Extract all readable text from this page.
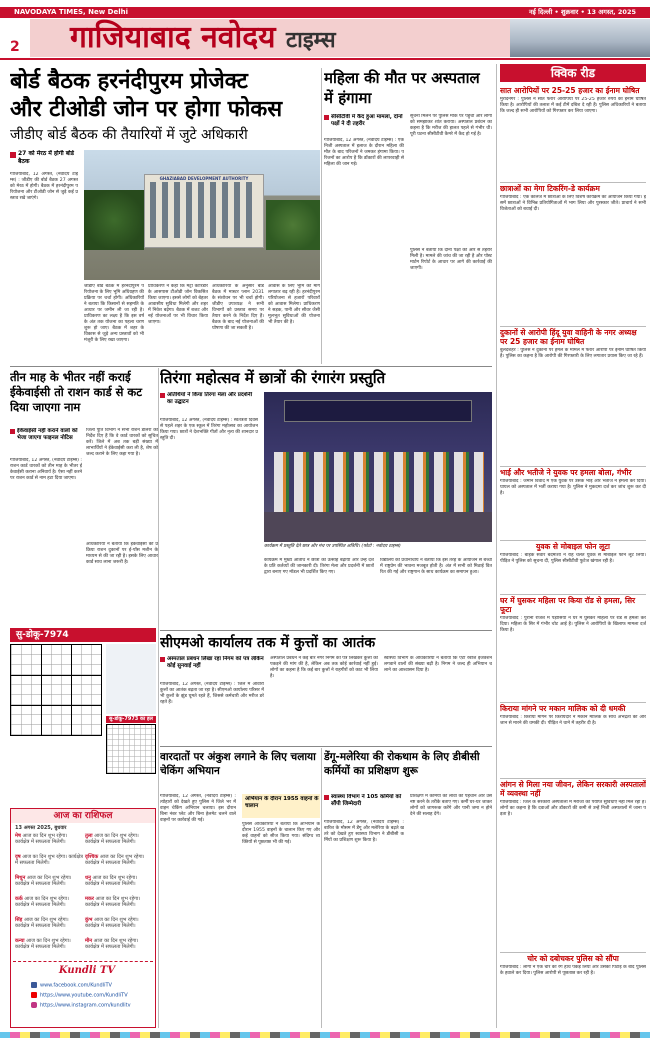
NAVODAYA TIMES, New Delhi	नई दिल्ली • शुक्रवार • 13 अगस्त, 2025
2 गाजियाबाद नवोदय टाइम्स
बोर्ड बैठक हरनंदीपुरम प्रोजेक्ट
और टीओडी जोन पर होगा फोकस
जीडीए बोर्ड बैठक की तैयारियों में जुटे अधिकारी
27 को मेरठ में होगी बोर्ड बैठक
गाजियाबाद, 12 अगस्त, (नवोदय टाइम्स) : जीडीए की बोर्ड बैठक 27 अगस्त को मेरठ में होगी। बैठक में हरनंदीपुरम परियोजना और टीओडी जोन से जुड़े कई प्रस्ताव रखे जाएंगे।
GHAZIABAD DEVELOPMENT AUTHORITY
जीडीए बोर्ड बैठक में हरनंदीपुरम परियोजना के लिए भूमि अधिग्रहण की प्रक्रिया पर चर्चा होगी। अधिकारियों ने बताया कि किसानों से सहमति के आधार पर जमीन ली जा रही है। प्राधिकरण का लक्ष्य है कि इस वर्ष के अंत तक योजना का पहला चरण शुरू हो जाए। बैठक में शहर के विकास से जुड़े अन्य प्रस्तावों को भी मंजूरी के लिए रखा जाएगा।
प्राधिकरण ने कहा कि मेट्रो कॉरिडोर के आसपास टीओडी जोन विकसित किया जाएगा। इससे लोगों को बेहतर आवासीय सुविधा मिलेगी और शहर में निवेश बढ़ेगा। बैठक में बजट और नई योजनाओं पर भी विचार किया जाएगा।
अधिकारियों के अनुसार बोर्ड बैठक में मास्टर प्लान 2031 के संशोधन पर भी चर्चा होगी। जीडीए उपाध्यक्ष ने सभी विभागों को प्रस्ताव समय पर तैयार करने के निर्देश दिए हैं। बैठक के बाद नई योजनाओं की घोषणा की जा सकती है।
आवास के लिए भूमि की मांग लगातार बढ़ रही है। हरनंदीपुरम परियोजना से हजारों परिवारों को आवास मिलेगा। प्राधिकरण ने सड़क, पानी और सीवर जैसी मूलभूत सुविधाओं की योजना भी तैयार की है।
महिला की मौत पर अस्पताल में हंगामा
सीसीटीवी में कैद हुआ मामला, दोनों पक्षों ने दी तहरीर
गाजियाबाद, 12 अगस्त, (नवोदय टाइम्स) : एक निजी अस्पताल में इलाज के दौरान महिला की मौत के बाद परिजनों ने जमकर हंगामा किया। परिजनों का आरोप है कि डॉक्टरों की लापरवाही से महिला की जान गई।
सूचना मिलने पर पुलिस मौके पर पहुंची और लोगों को समझाकर शांत कराया। अस्पताल प्रबंधन का कहना है कि मरीज की हालत पहले से गंभीर थी। पूरी घटना सीसीटीवी कैमरे में कैद हो गई है।
पुलिस ने बताया कि दोनों पक्षों की ओर से तहरीर मिली है। मामले की जांच की जा रही है और पोस्टमार्टम रिपोर्ट के आधार पर आगे की कार्रवाई की जाएगी।
क्विक रीड
सात आरोपियों पर 25-25 हजार का ईनाम घोषित
मुरादनगर : पुलिस ने सात फरार आरोपियों पर 25-25 हजार रुपये का ईनाम घोषित किया है। आरोपियों की तलाश में कई टीमें दबिश दे रही हैं। पुलिस अधिकारियों ने बताया कि जल्द ही सभी आरोपियों को गिरफ्तार कर लिया जाएगा।
छात्राओं का मेगा टिकरिंग-डे कार्यक्रम
गाजियाबाद : एक कॉलेज में छात्राओं के लिए विशेष कार्यक्रम का आयोजन किया गया। इसमें छात्राओं ने विभिन्न प्रतियोगिताओं में भाग लिया और पुरस्कार जीते। प्राचार्य ने सभी विजेताओं को बधाई दी।
दुकानों से आरोपी हिंदू युवा वाहिनी के नगर अध्यक्ष पर 25 हजार का ईनाम घोषित
बुलंदशहर : पुलिस ने दुकानों पर हमले के मामले में फरार आरोपी पर ईनाम घोषित किया है। पुलिस का कहना है कि आरोपी की गिरफ्तारी के लिए लगातार प्रयास किए जा रहे हैं।
भाई और भतीजे ने युवक पर हमला बोला, गंभीर
गाजियाबाद : जमीन विवाद में एक युवक पर उसके भाई और भतीजे ने हमला कर दिया। घायल को अस्पताल में भर्ती कराया गया है। पुलिस ने मुकदमा दर्ज कर जांच शुरू कर दी है।
युवक से मोबाइल फोन लूटा
गाजियाबाद : बाइक सवार बदमाशों ने राह चलते युवक से मोबाइल फोन लूट लिया। पीड़ित ने पुलिस को सूचना दी, पुलिस सीसीटीवी फुटेज खंगाल रही है।
घर में घुसकर महिला पर किया रॉड से हमला, सिर फूटा
गाजियाबाद : पुरानी रंजिश में पड़ोसियों ने घर में घुसकर महिला पर रॉड से हमला कर दिया। महिला के सिर में गंभीर चोट आई है। पुलिस ने आरोपियों के खिलाफ मामला दर्ज किया है।
किराया मांगने पर मकान मालिक को दी धमकी
गाजियाबाद : किराया मांगने पर किरायेदार ने मकान मालिक के साथ अभद्रता की और जान से मारने की धमकी दी। पीड़ित ने थाने में तहरीर दी है।
आंगन से मिला नया जीवन, लेकिन सरकारी अस्पतालों में व्यवस्था नहीं
गाजियाबाद : जिले के सरकारी अस्पतालों में मरीजों को पर्याप्त सुविधाएं नहीं मिल रही हैं। लोगों का कहना है कि दवाओं और डॉक्टरों की कमी से उन्हें निजी अस्पतालों में जाना पड़ता है।
चोर को दबोचकर पुलिस को सौंपा
गाजियाबाद : लोगों ने एक चोर को रंगे हाथ पकड़ लिया और उसकी पिटाई के बाद पुलिस के हवाले कर दिया। पुलिस आरोपी से पूछताछ कर रही है।
तीन माह के भीतर नहीं कराई ईकेवाईसी तो राशन कार्ड से कट दिया जाएगा नाम
ईकेवाईसी नहीं कराने वालों को भेजा जाएगा फाइनल नोटिस
गाजियाबाद, 12 अगस्त, (नवोदय टाइम्स) : राशन कार्ड धारकों को तीन माह के भीतर ईकेवाईसी कराना अनिवार्य है। ऐसा नहीं करने पर राशन कार्ड से नाम हटा दिया जाएगा।
जिला पूर्ति विभाग ने सभी राशन डीलरों को निर्देश दिए हैं कि वे कार्ड धारकों को सूचित करें। जिले में अब तक बड़ी संख्या में लाभार्थियों ने ईकेवाईसी करा ली है, शेष को जल्द कराने के लिए कहा गया है।
अधिकारियों ने बताया कि ईकेवाईसी की प्रक्रिया राशन दुकानों पर ई-पॉस मशीन के माध्यम से की जा रही है। इसके लिए आधार कार्ड साथ लाना जरूरी है।
तिरंगा महोत्सव में छात्रों की रंगारंग प्रस्तुति
अतिथियों ने किया तिरंगा मेला और प्रदर्शनी का उद्घाटन
गाजियाबाद, 12 अगस्त, (नवोदय टाइम्स) : स्वतंत्रता दिवस से पहले शहर के एक स्कूल में तिरंगा महोत्सव का आयोजन किया गया। छात्रों ने देशभक्ति गीतों और नृत्य की शानदार प्रस्तुति दी।
कार्यक्रम में प्रस्तुति देते छात्र और मंच पर उपस्थित अतिथि। (फोटो : नवोदय टाइम्स)
कार्यक्रम में मुख्य अतिथि ने छात्रों का उत्साह बढ़ाया और उन्हें देश के प्रति कर्तव्यों की जानकारी दी। तिरंगा मेला और प्रदर्शनी में छात्रों द्वारा बनाए गए मॉडल भी प्रदर्शित किए गए।
विद्यालय की प्रधानाचार्य ने बताया कि इस तरह के आयोजन से बच्चों में राष्ट्रप्रेम की भावना मजबूत होती है। अंत में सभी को मिठाई वितरित की गई और राष्ट्रगान के साथ कार्यक्रम का समापन हुआ।
सु-डोकू-7974
सु-डोकू-7973 का हल
सीएमओ कार्यालय तक में कुत्तों का आतंक
अस्पताल प्रबंधन लिखा रहा निगम को पत्र लेकिन कोई सुनवाई नहीं
गाजियाबाद, 12 अगस्त, (नवोदय टाइम्स) : जिले में आवारा कुत्तों का आतंक बढ़ता जा रहा है। सीएमओ कार्यालय परिसर में भी कुत्तों के झुंड घूमते रहते हैं, जिससे कर्मचारी और मरीज डरे रहते हैं।
अस्पताल प्रबंधन ने कई बार नगर निगम को पत्र लिखकर कुत्तों को पकड़ने की मांग की है, लेकिन अब तक कोई कार्रवाई नहीं हुई। लोगों का कहना है कि कई बार कुत्तों ने राहगीरों को काट भी लिया है।
स्वास्थ्य विभाग के अधिकारियों ने बताया कि एंटी रेबीज इंजेक्शन लगवाने वालों की संख्या बढ़ी है। निगम ने जल्द ही अभियान चलाने का आश्वासन दिया है।
वारदातों पर अंकुश लगाने के लिए चलाया चेकिंग अभियान
गाजियाबाद, 12 अगस्त, (नवोदय टाइम्स) : त्योहारों को देखते हुए पुलिस ने जिले भर में वाहन चेकिंग अभियान चलाया। इस दौरान बिना नंबर प्लेट और बिना हेलमेट चलने वाले वाहनों पर कार्रवाई की गई।
अभियान के दौरान 1955 वाहनों के चालान
पुलिस अधिकारियों ने बताया कि अभियान के दौरान 1955 वाहनों के चालान किए गए और कई वाहनों को सीज किया गया। संदिग्ध व्यक्तियों से पूछताछ भी की गई।
डेंगू-मलेरिया की रोकथाम के लिए डीबीसी कर्मियों का प्रशिक्षण शुरू
स्वास्थ्य विभाग ने 105 कर्मियों को सौंपी जिम्मेदारी
गाजियाबाद, 12 अगस्त, (नवोदय टाइम्स) : बारिश के मौसम में डेंगू और मलेरिया के बढ़ते खतरे को देखते हुए स्वास्थ्य विभाग ने डीबीसी कर्मियों का प्रशिक्षण शुरू किया है।
प्रशिक्षण में कर्मियों को लार्वा की पहचान और उसे नष्ट करने के तरीके बताए गए। कर्मी घर-घर जाकर लोगों को जागरूक करेंगे और पानी जमा न होने देने की सलाह देंगे।
आज का राशिफल
13 अगस्त 2025, बुधवार
मेष आज का दिन शुभ रहेगा। कार्यक्षेत्र में सफलता मिलेगी।
वृष आज का दिन शुभ रहेगा। कार्यक्षेत्र में सफलता मिलेगी।
मिथुन आज का दिन शुभ रहेगा। कार्यक्षेत्र में सफलता मिलेगी।
कर्क आज का दिन शुभ रहेगा। कार्यक्षेत्र में सफलता मिलेगी।
सिंह आज का दिन शुभ रहेगा। कार्यक्षेत्र में सफलता मिलेगी।
कन्या आज का दिन शुभ रहेगा। कार्यक्षेत्र में सफलता मिलेगी।
तुला आज का दिन शुभ रहेगा। कार्यक्षेत्र में सफलता मिलेगी।
वृश्चिक आज का दिन शुभ रहेगा। कार्यक्षेत्र में सफलता मिलेगी।
धनु आज का दिन शुभ रहेगा। कार्यक्षेत्र में सफलता मिलेगी।
मकर आज का दिन शुभ रहेगा। कार्यक्षेत्र में सफलता मिलेगी।
कुंभ आज का दिन शुभ रहेगा। कार्यक्षेत्र में सफलता मिलेगी।
मीन आज का दिन शुभ रहेगा। कार्यक्षेत्र में सफलता मिलेगी।
Kundli TV
www.facebook.com/KundliTV
https://www.youtube.com/KundliTV
https://www.instagram.com/kundlitv
